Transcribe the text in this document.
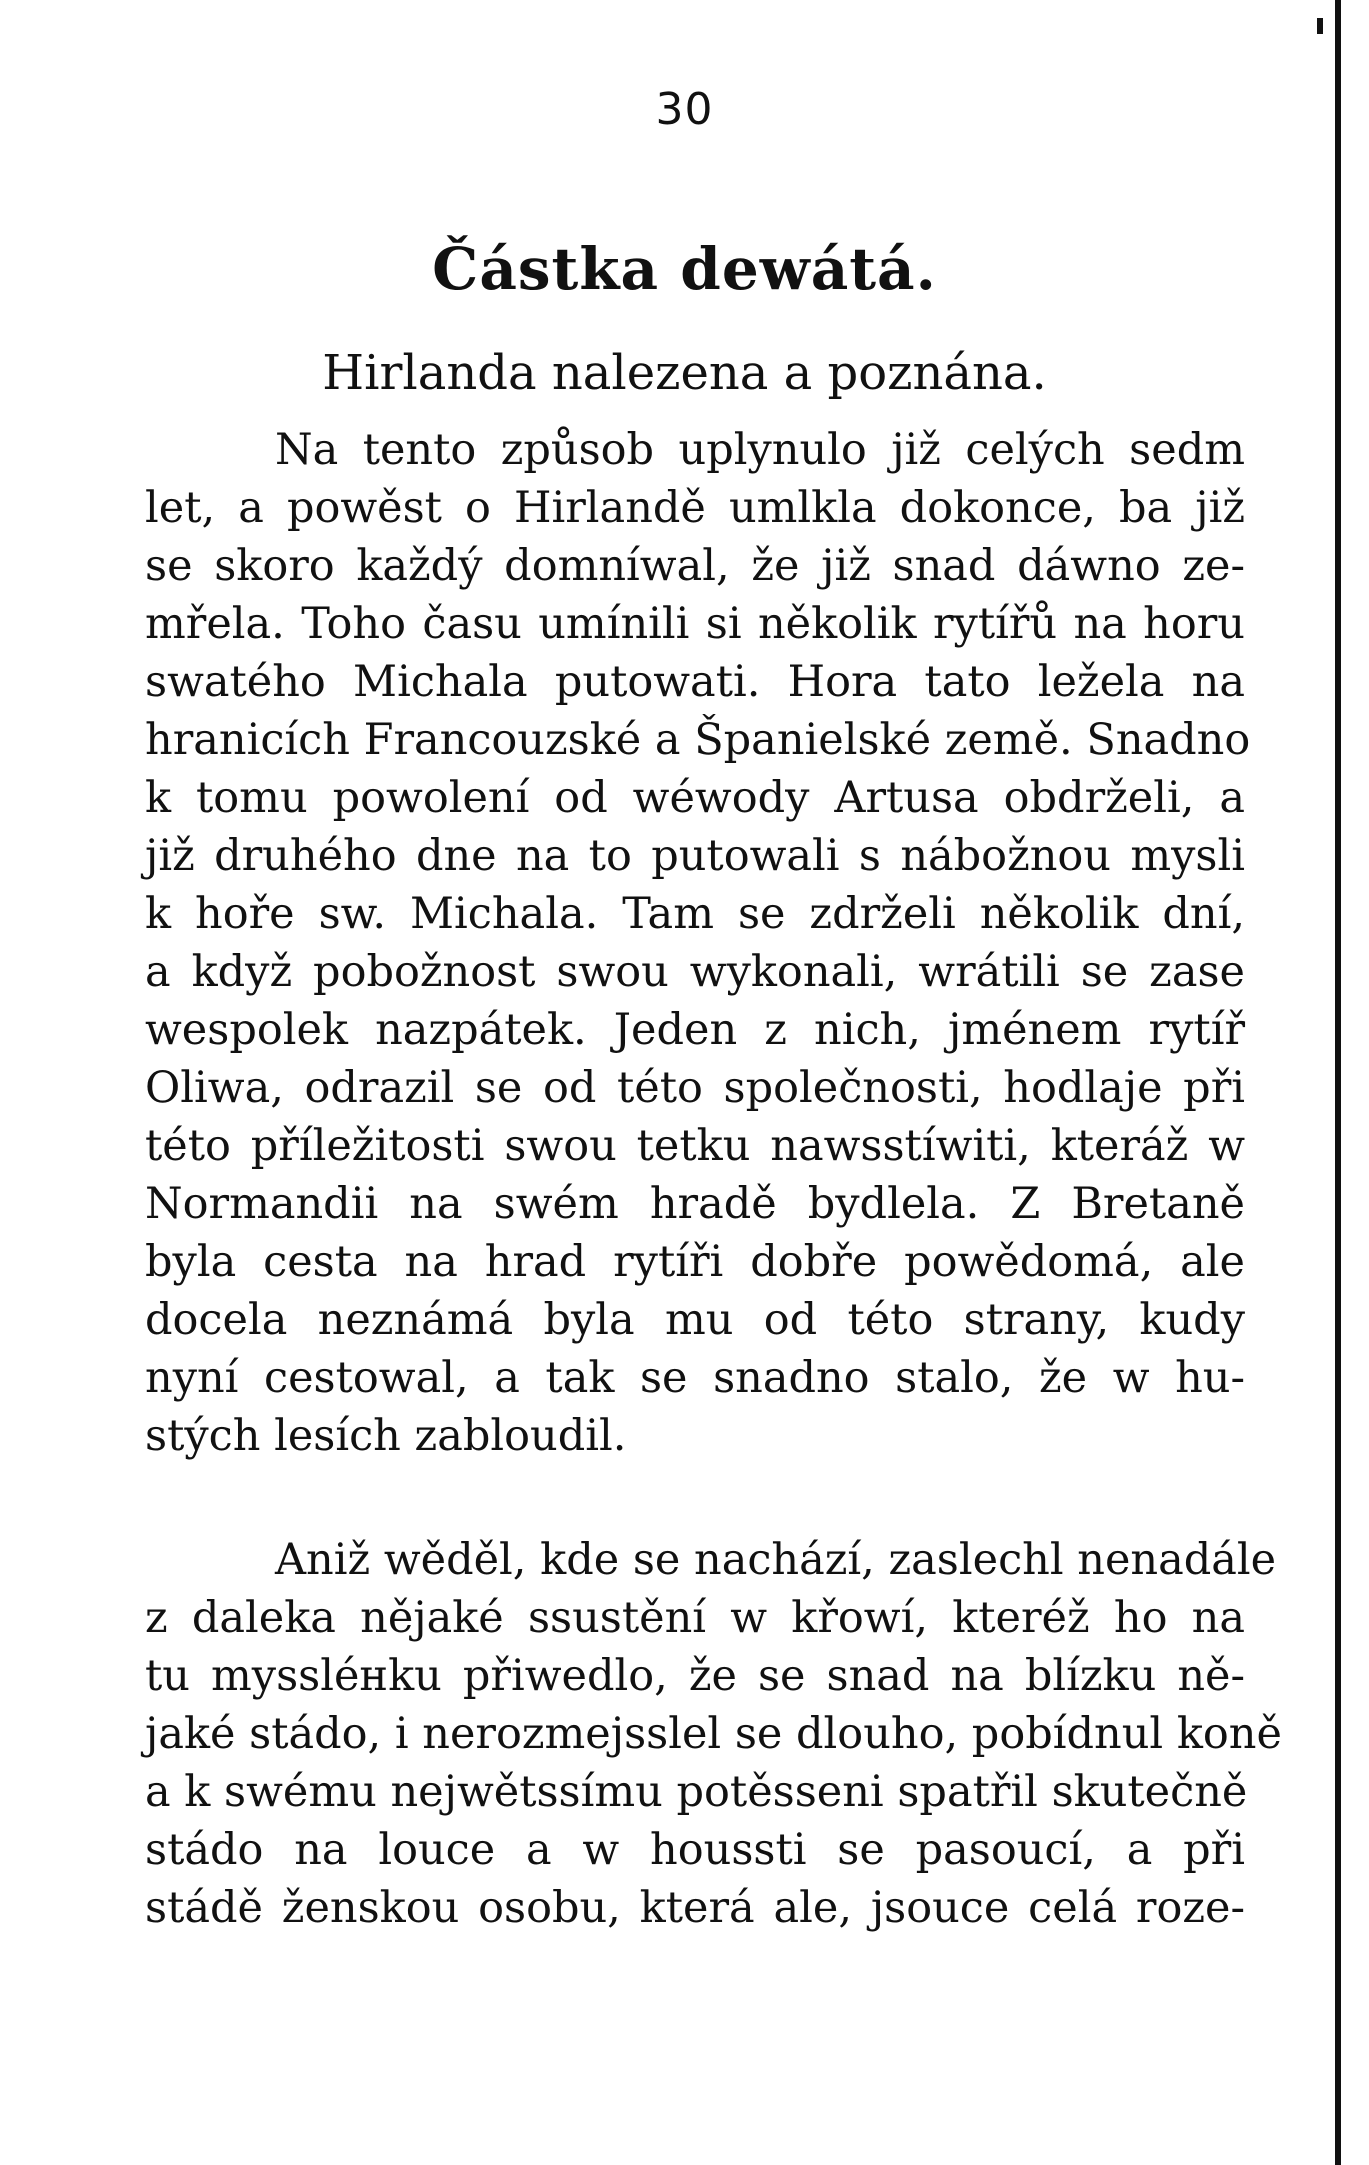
30
Částka dewátá.
Hirlanda nalezena a poznána.
Na tento způsob uplynulo již celých sedm
let, a powěst o Hirlandě umlkla dokonce, ba již
se skoro každý domníwal, že již snad dáwno ze-
mřela. Toho času umínili si několik rytířů na horu
swatého Michala putowati. Hora tato ležela na
hranicích Francouzské a Španielské země. Snadno
k tomu powolení od wéwody Artusa obdrželi, a
již druhého dne na to putowali s nábožnou mysli
k hoře sw. Michala. Tam se zdrželi několik dní,
a když pobožnost swou wykonali, wrátili se zase
wespolek nazpátek. Jeden z nich, jménem rytíř
Oliwa, odrazil se od této společnosti, hodlaje při
této příležitosti swou tetku nawsstíwiti, kteráž w
Normandii na swém hradě bydlela. Z Bretaně
byla cesta na hrad rytíři dobře powědomá, ale
docela neznámá byla mu od této strany, kudy
nyní cestowal, a tak se snadno stalo, že w hu-
stých lesích zabloudil.
Aniž wěděl, kde se nachází, zaslechl nenadále
z daleka nějaké ssustění w křowí, kteréž ho na
tu myssléнku přiwedlo, že se snad na blízku ně-
jaké stádo, i nerozmejsslel se dlouho, pobídnul koně
a k swému nejwětssímu potěsseni spatřil skutečně
stádo na louce a w houssti se pasoucí, a při
stádě ženskou osobu, která ale, jsouce celá roze-
